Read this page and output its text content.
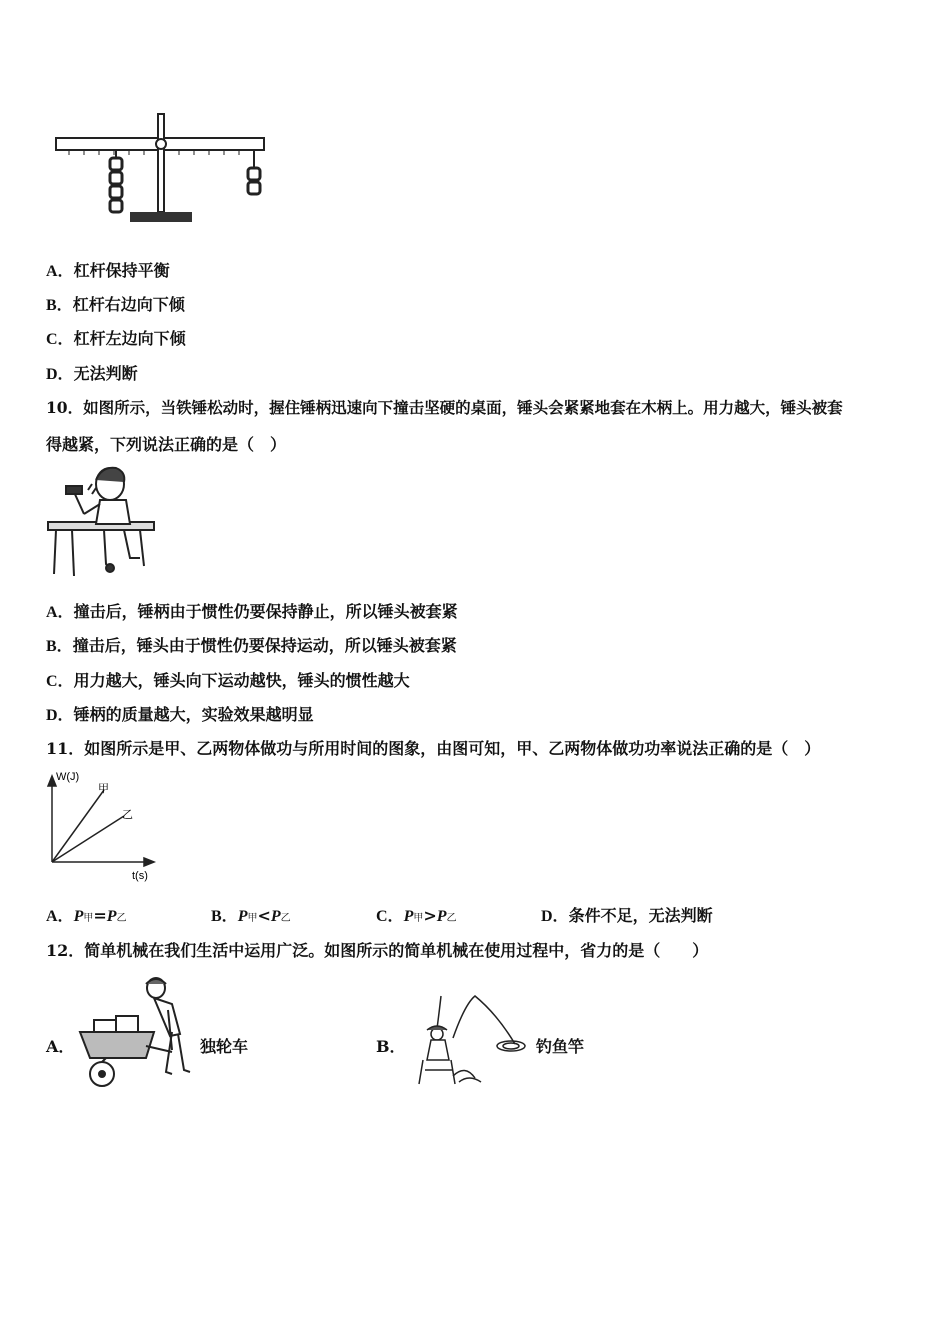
A．杠杆保持平衡
B．杠杆右边向下倾
C．杠杆左边向下倾
D．无法判断
10．如图所示，当铁锤松动时，握住锤柄迅速向下撞击坚硬的桌面，锤头会紧紧地套在木柄上。用力越大，锤头被套
得越紧，下列说法正确的是（　）
A．撞击后，锤柄由于惯性仍要保持静止，所以锤头被套紧
B．撞击后，锤头由于惯性仍要保持运动，所以锤头被套紧
C．用力越大，锤头向下运动越快，锤头的惯性越大
D．锤柄的质量越大，实验效果越明显
11．如图所示是甲、乙两物体做功与所用时间的图象，由图可知，甲、乙两物体做功功率说法正确的是（　）
W(J)
甲
乙
t(s)
A．P甲=P乙	B．P甲<P乙	C．P甲>P乙	D．条件不足，无法判断
12．简单机械在我们生活中运用广泛。如图所示的简单机械在使用过程中，省力的是（　　）
A．	独轮车	B．	钓鱼竿
